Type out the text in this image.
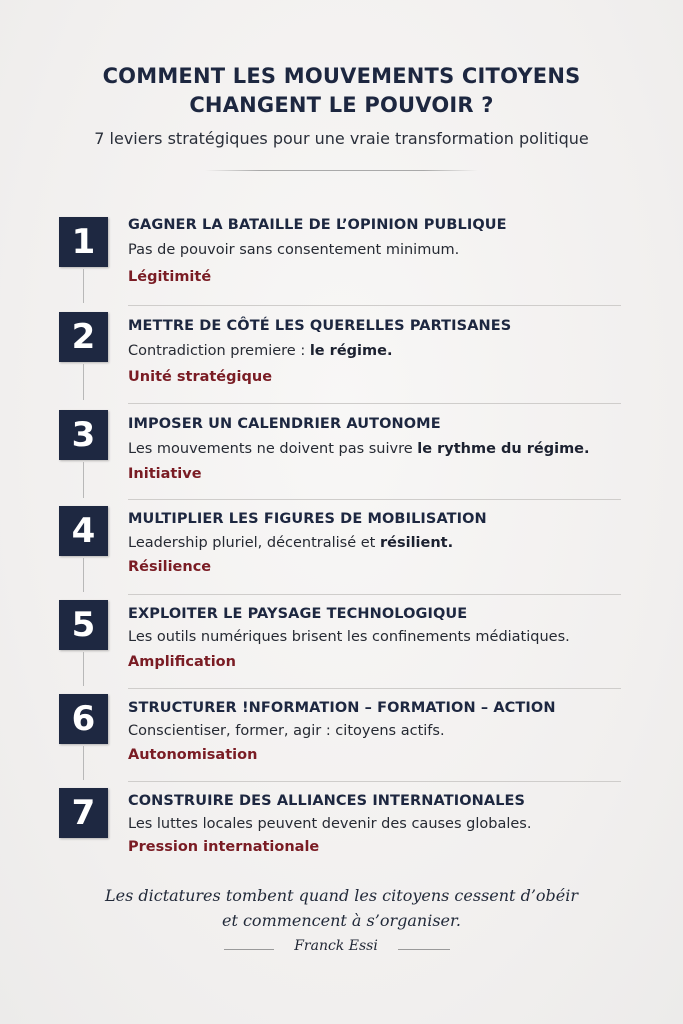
COMMENT LES MOUVEMENTS CITOYENS
CHANGENT LE POUVOIR ?
7 leviers stratégiques pour une vraie transformation politique
1	GAGNER LA BATAILLE DE L’OPINION PUBLIQUE
Pas de pouvoir sans consentement minimum.
Légitimité
2	METTRE DE CÔTÉ LES QUERELLES PARTISANES
Contradiction premiere : le régime.
Unité stratégique
3	IMPOSER UN CALENDRIER AUTONOME
Les mouvements ne doivent pas suivre le rythme du régime.
Initiative
4	MULTIPLIER LES FIGURES DE MOBILISATION
Leadership pluriel, décentralisé et résilient.
Résilience
5	EXPLOITER LE PAYSAGE TECHNOLOGIQUE
Les outils numériques brisent les confinements médiatiques.
Amplification
6	STRUCTURER !NFORMATION – FORMATION – ACTION
Conscientiser, former, agir : citoyens actifs.
Autonomisation
7	CONSTRUIRE DES ALLIANCES INTERNATIONALES
Les luttes locales peuvent devenir des causes globales.
Pression internationale
Les dictatures tombent quand les citoyens cessent d’obéir
et commencent à s’organiser.
Franck Essi
